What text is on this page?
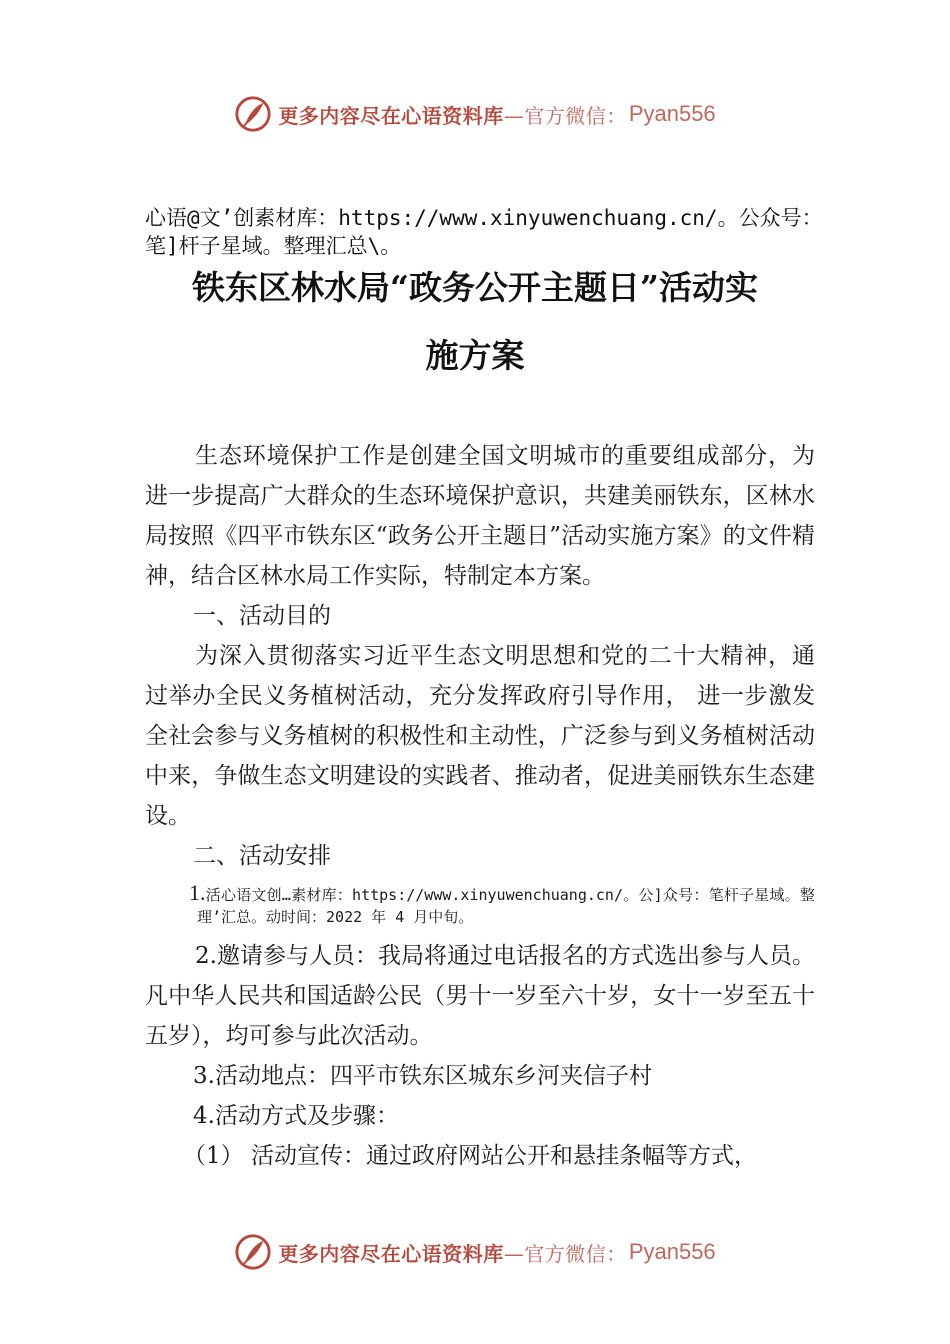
更多内容尽在心语资料库 —官方微信： Pyan556
心语@文’创素材库：https://www.xinyuwenchuang.cn/。公众号：笔]杆子星域。整理汇总\。
铁东区林水局“政务公开主题日”活动实
施方案

生态环境保护工作是创建全国文明城市的重要组成部分，为进一步提高广大群众的生态环境保护意识，共建美丽铁东，区林水局按照《四平市铁东区“政务公开主题日”活动实施方案》的文件精神，结合区林水局工作实际，特制定本方案。

一、活动目的

为深入贯彻落实习近平生态文明思想和党的二十大精神，通过举办全民义务植树活动，充分发挥政府引导作用， 进一步激发全社会参与义务植树的积极性和主动性，广泛参与到义务植树活动中来，争做生态文明建设的实践者、推动者，促进美丽铁东生态建设。

二、活动安排

1.活心语文创…素材库：https://www.xinyuwenchuang.cn/。公]众号：笔杆子星域。整理’汇总。动时间：2022 年 4 月中旬。

2.邀请参与人员：我局将通过电话报名的方式选出参与人员。凡中华人民共和国适龄公民（男十一岁至六十岁，女十一岁至五十五岁），均可参与此次活动。

3.活动地点：四平市铁东区城东乡河夹信子村

4.活动方式及步骤：

（1） 活动宣传：通过政府网站公开和悬挂条幅等方式，

更多内容尽在心语资料库 —官方微信： Pyan556
